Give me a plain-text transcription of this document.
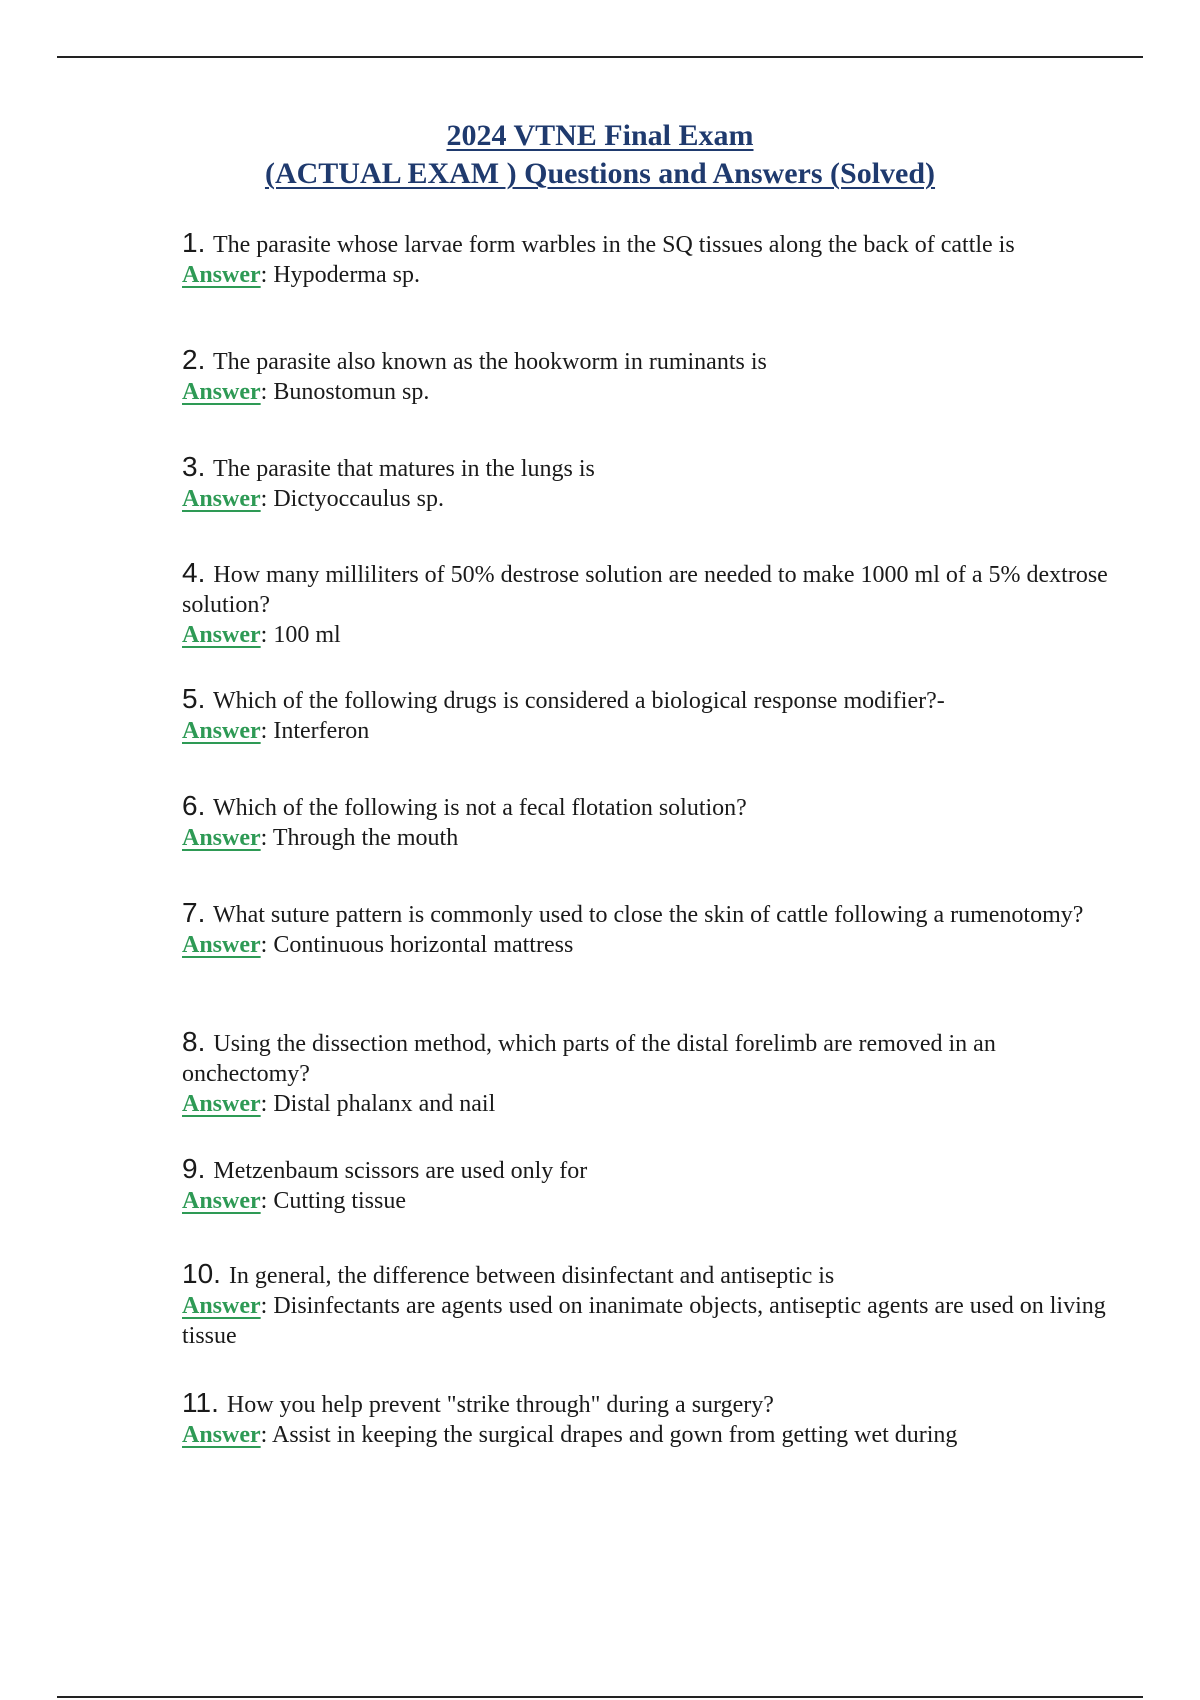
2024 VTNE Final Exam
(ACTUAL EXAM ) Questions and Answers (Solved)
1. The parasite whose larvae form warbles in the SQ tissues along the back of cattle is
Answer: Hypoderma sp.
2. The parasite also known as the hookworm in ruminants is
Answer: Bunostomun sp.
3. The parasite that matures in the lungs is
Answer: Dictyoccaulus sp.
4. How many milliliters of 50% destrose solution are needed to make 1000 ml of a 5% dextrose solution?
Answer: 100 ml
5. Which of the following drugs is considered a biological response modifier?-
Answer: Interferon
6. Which of the following is not a fecal flotation solution?
Answer: Through the mouth
7. What suture pattern is commonly used to close the skin of cattle following a rumenotomy?
Answer: Continuous horizontal mattress
8. Using the dissection method, which parts of the distal forelimb are removed in an onchectomy?
Answer: Distal phalanx and nail
9. Metzenbaum scissors are used only for
Answer: Cutting tissue
10. In general, the difference between disinfectant and antiseptic is
Answer: Disinfectants are agents used on inanimate objects, antiseptic agents are used on living tissue
11. How you help prevent "strike through" during a surgery?
Answer: Assist in keeping the surgical drapes and gown from getting wet during
